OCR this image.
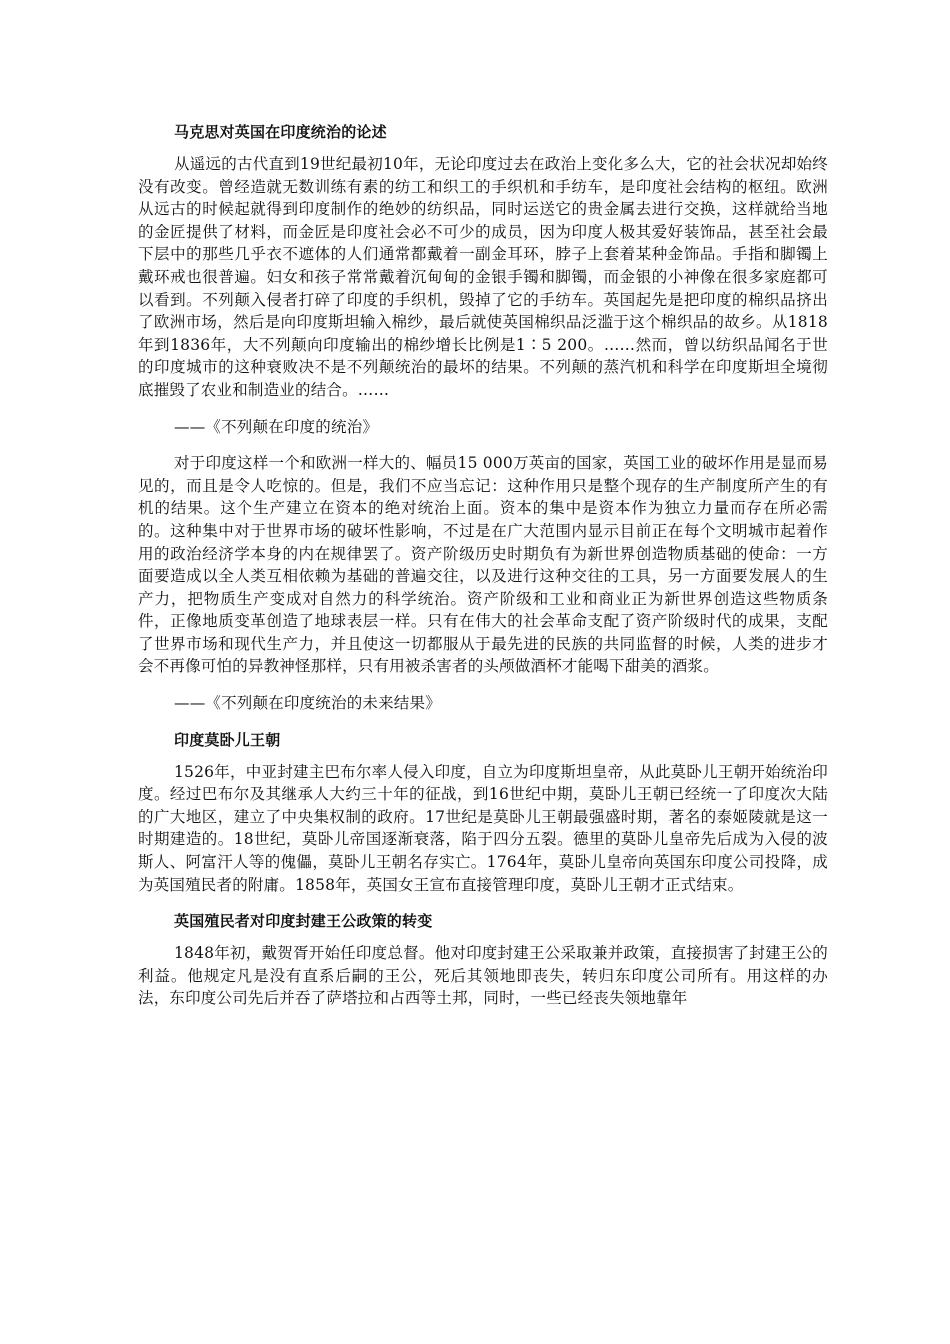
马克思对英国在印度统治的论述

从遥远的古代直到19世纪最初10年，无论印度过去在政治上变化多么大，它的社会状况却始终没有改变。曾经造就无数训练有素的纺工和织工的手织机和手纺车，是印度社会结构的枢纽。欧洲从远古的时候起就得到印度制作的绝妙的纺织品，同时运送它的贵金属去进行交换，这样就给当地的金匠提供了材料，而金匠是印度社会必不可少的成员，因为印度人极其爱好装饰品，甚至社会最下层中的那些几乎衣不遮体的人们通常都戴着一副金耳环，脖子上套着某种金饰品。手指和脚镯上戴环戒也很普遍。妇女和孩子常常戴着沉甸甸的金银手镯和脚镯，而金银的小神像在很多家庭都可以看到。不列颠入侵者打碎了印度的手织机，毁掉了它的手纺车。英国起先是把印度的棉织品挤出了欧洲市场，然后是向印度斯坦输入棉纱，最后就使英国棉织品泛滥于这个棉织品的故乡。从1818年到1836年，大不列颠向印度输出的棉纱增长比例是1∶5 200。……然而，曾以纺织品闻名于世的印度城市的这种衰败决不是不列颠统治的最坏的结果。不列颠的蒸汽机和科学在印度斯坦全境彻底摧毁了农业和制造业的结合。……

——《不列颠在印度的统治》

对于印度这样一个和欧洲一样大的、幅员15 000万英亩的国家，英国工业的破坏作用是显而易见的，而且是令人吃惊的。但是，我们不应当忘记：这种作用只是整个现存的生产制度所产生的有机的结果。这个生产建立在资本的绝对统治上面。资本的集中是资本作为独立力量而存在所必需的。这种集中对于世界市场的破坏性影响，不过是在广大范围内显示目前正在每个文明城市起着作用的政治经济学本身的内在规律罢了。资产阶级历史时期负有为新世界创造物质基础的使命：一方面要造成以全人类互相依赖为基础的普遍交往，以及进行这种交往的工具，另一方面要发展人的生产力，把物质生产变成对自然力的科学统治。资产阶级和工业和商业正为新世界创造这些物质条件，正像地质变革创造了地球表层一样。只有在伟大的社会革命支配了资产阶级时代的成果，支配了世界市场和现代生产力，并且使这一切都服从于最先进的民族的共同监督的时候，人类的进步才会不再像可怕的异教神怪那样，只有用被杀害者的头颅做酒杯才能喝下甜美的酒浆。

——《不列颠在印度统治的未来结果》

印度莫卧儿王朝

1526年，中亚封建主巴布尔率人侵入印度，自立为印度斯坦皇帝，从此莫卧儿王朝开始统治印度。经过巴布尔及其继承人大约三十年的征战，到16世纪中期，莫卧儿王朝已经统一了印度次大陆的广大地区，建立了中央集权制的政府。17世纪是莫卧儿王朝最强盛时期，著名的泰姬陵就是这一时期建造的。18世纪，莫卧儿帝国逐渐衰落，陷于四分五裂。德里的莫卧儿皇帝先后成为入侵的波斯人、阿富汗人等的傀儡，莫卧儿王朝名存实亡。1764年，莫卧儿皇帝向英国东印度公司投降，成为英国殖民者的附庸。1858年，英国女王宣布直接管理印度，莫卧儿王朝才正式结束。

英国殖民者对印度封建王公政策的转变

1848年初，戴贺胥开始任印度总督。他对印度封建王公采取兼并政策，直接损害了封建王公的利益。他规定凡是没有直系后嗣的王公，死后其领地即丧失，转归东印度公司所有。用这样的办法，东印度公司先后并吞了萨塔拉和占西等土邦，同时，一些已经丧失领地靠年
